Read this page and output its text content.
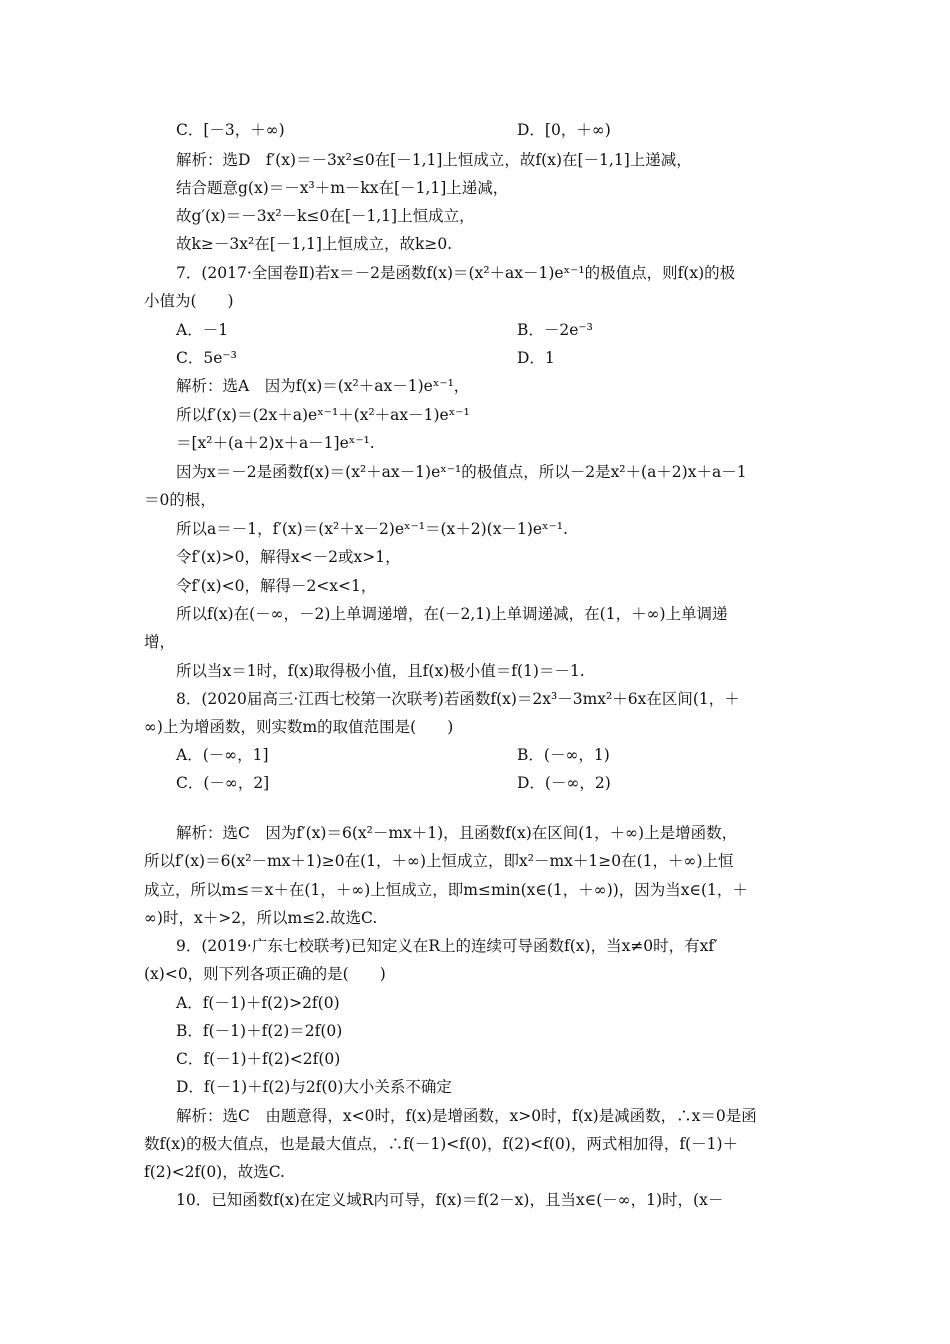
C．[－3，＋∞)	D．[0，＋∞)
解析：选D　f′(x)＝－3x²≤0在[－1,1]上恒成立，故f(x)在[－1,1]上递减，
结合题意g(x)＝－x³＋m－kx在[－1,1]上递减，
故g′(x)＝－3x²－k≤0在[－1,1]上恒成立，
故k≥－3x²在[－1,1]上恒成立，故k≥0.
7．(2017·全国卷Ⅱ)若x＝－2是函数f(x)＝(x²＋ax－1)eˣ⁻¹的极值点，则f(x)的极
小值为(　　)
A．－1	B．－2e⁻³
C．5e⁻³	D．1
解析：选A　因为f(x)＝(x²＋ax－1)eˣ⁻¹，
所以f′(x)＝(2x＋a)eˣ⁻¹＋(x²＋ax－1)eˣ⁻¹
＝[x²＋(a＋2)x＋a－1]eˣ⁻¹.
因为x＝－2是函数f(x)＝(x²＋ax－1)eˣ⁻¹的极值点，所以－2是x²＋(a＋2)x＋a－1
＝0的根，
所以a＝－1，f′(x)＝(x²＋x－2)eˣ⁻¹＝(x＋2)(x－1)eˣ⁻¹.
令f′(x)>0，解得x<－2或x>1，
令f′(x)<0，解得－2<x<1，
所以f(x)在(－∞，－2)上单调递增，在(－2,1)上单调递减，在(1，＋∞)上单调递
增，
所以当x＝1时，f(x)取得极小值，且f(x)极小值＝f(1)＝－1.
8．(2020届高三·江西七校第一次联考)若函数f(x)＝2x³－3mx²＋6x在区间(1，＋
∞)上为增函数，则实数m的取值范围是(　　)
A．(－∞，1]	B．(－∞，1)
C．(－∞，2]	D．(－∞，2)
解析：选C　因为f′(x)＝6(x²－mx＋1)，且函数f(x)在区间(1，＋∞)上是增函数，
所以f′(x)＝6(x²－mx＋1)≥0在(1，＋∞)上恒成立，即x²－mx＋1≥0在(1，＋∞)上恒
成立，所以m≤＝x＋在(1，＋∞)上恒成立，即m≤min(x∈(1，＋∞))，因为当x∈(1，＋
∞)时，x＋>2，所以m≤2.故选C.
9．(2019·广东七校联考)已知定义在R上的连续可导函数f(x)，当x≠0时，有xf′
(x)<0，则下列各项正确的是(　　)
A．f(－1)＋f(2)>2f(0)
B．f(－1)＋f(2)＝2f(0)
C．f(－1)＋f(2)<2f(0)
D．f(－1)＋f(2)与2f(0)大小关系不确定
解析：选C　由题意得，x<0时，f(x)是增函数，x>0时，f(x)是减函数，∴x＝0是函
数f(x)的极大值点，也是最大值点，∴f(－1)<f(0)，f(2)<f(0)，两式相加得，f(－1)＋
f(2)<2f(0)，故选C.
10．已知函数f(x)在定义域R内可导，f(x)＝f(2－x)，且当x∈(－∞，1)时，(x－
